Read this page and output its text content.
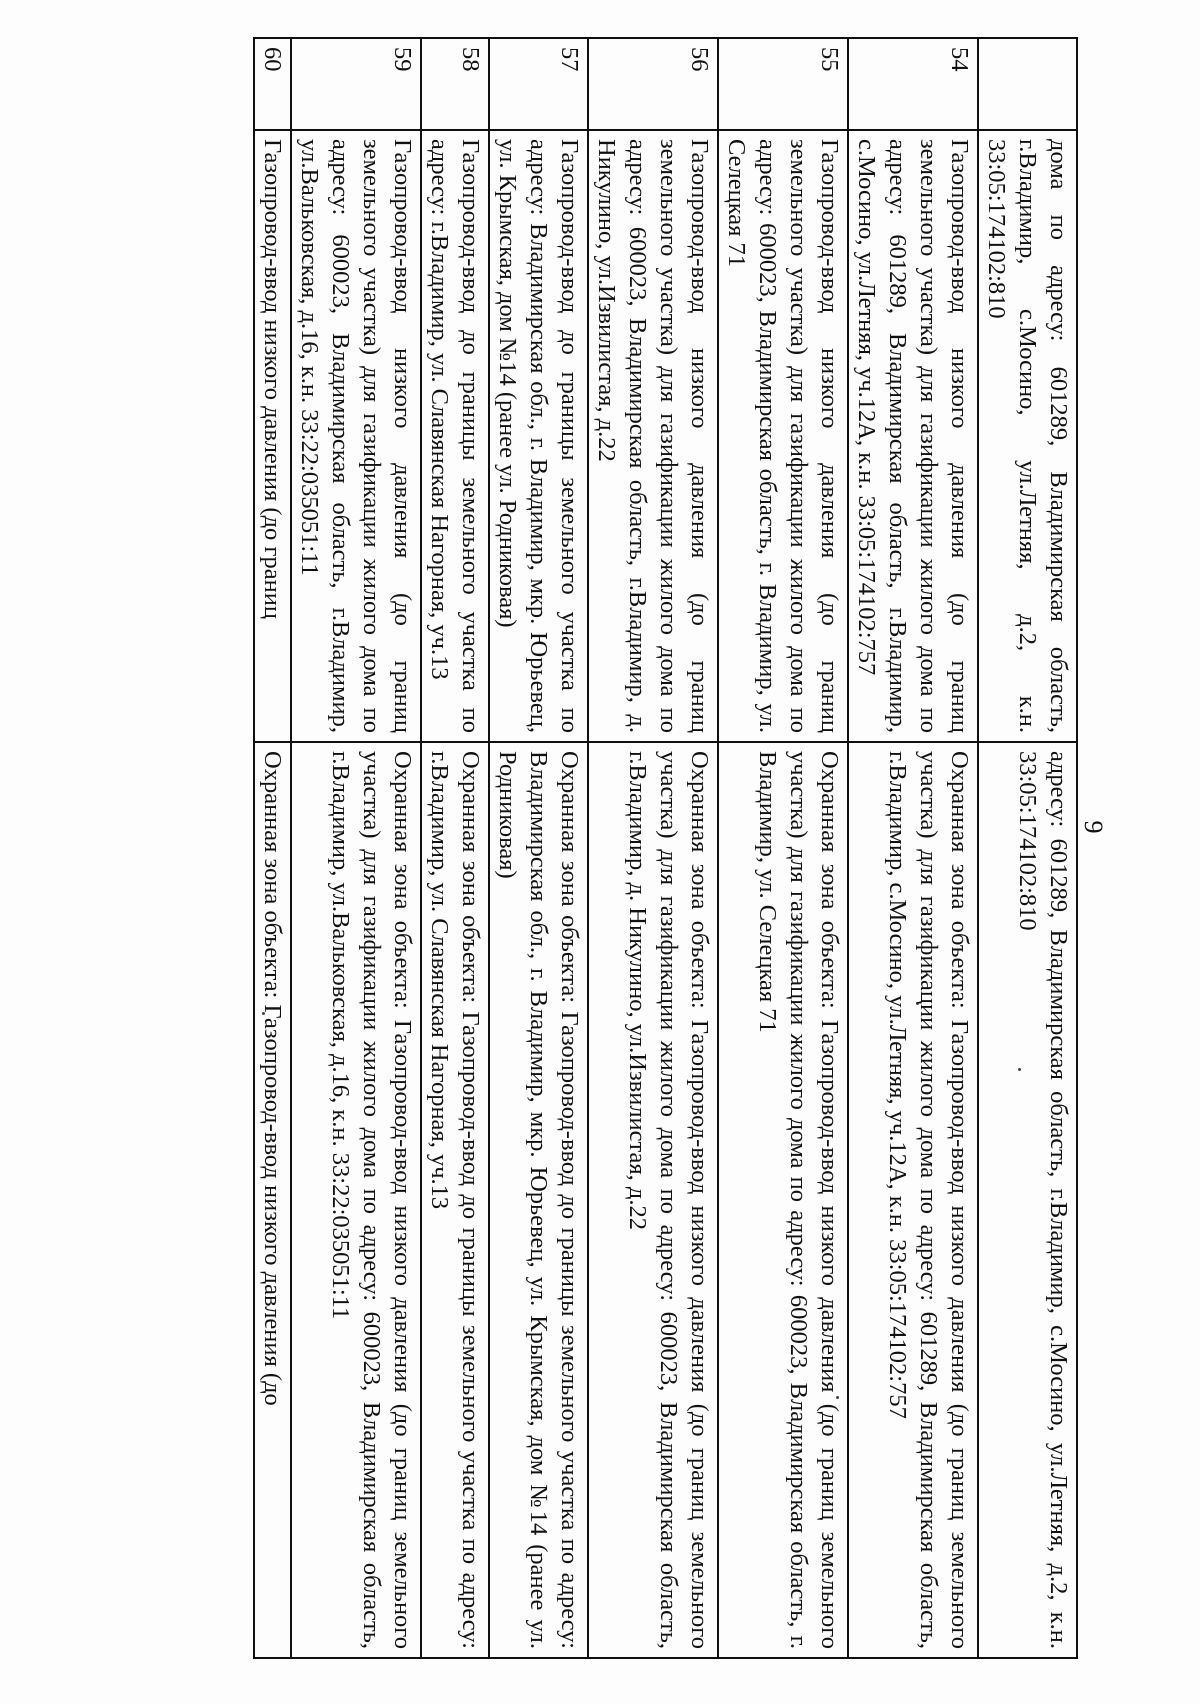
9
	дома по адресу: 601289, Владимирская область, г.Владимир, с.Мосино, ул.Летняя, д.2, к.н. 33:05:174102:810	адресу: 601289, Владимирская область, г.Владимир, с.Мосино, ул.Летняя, д.2, к.н. 33:05:174102:810
54	Газопровод-ввод низкого давления (до границ земельного участка) для газификации жилого дома по адресу: 601289, Владимирская область, г.Владимир, с.Мосино, ул.Летняя, уч.12А, к.н. 33:05:174102:757	Охранная зона объекта: Газопровод-ввод низкого давления (до границ земельного участка) для газификации жилого дома по адресу: 601289, Владимирская область, г.Владимир, с.Мосино, ул.Летняя, уч.12А, к.н. 33:05:174102:757
55	Газопровод-ввод низкого давления (до границ земельного участка) для газификации жилого дома по адресу: 600023, Владимирская область, г. Владимир, ул. Селецкая 71	Охранная зона объекта: Газопровод-ввод низкого давления (до границ земельного участка) для газификации жилого дома по адресу: 600023, Владимирская область, г. Владимир, ул. Селецкая 71
56	Газопровод-ввод низкого давления (до границ земельного участка) для газификации жилого дома по адресу: 600023, Владимирская область, г.Владимир, д. Никулино, ул.Извилистая, д.22	Охранная зона объекта: Газопровод-ввод низкого давления (до границ земельного участка) для газификации жилого дома по адресу: 600023, Владимирская область, г.Владимир, д. Никулино, ул.Извилистая, д.22
57	Газопровод-ввод до границы земельного участка по адресу: Владимирская обл., г. Владимир, мкр. Юрьевец, ул. Крымская, дом №14 (ранее ул. Родниковая)	Охранная зона объекта: Газопровод-ввод до границы земельного участка по адресу: Владимирская обл., г. Владимир, мкр. Юрьевец, ул. Крымская, дом №14 (ранее ул. Родниковая)
58	Газопровод-ввод до границы земельного участка по адресу: г.Владимир, ул. Славянская Нагорная, уч.13	Охранная зона объекта: Газопровод-ввод до границы земельного участка по адресу: г.Владимир, ул. Славянская Нагорная, уч.13
59	Газопровод-ввод низкого давления (до границ земельного участка) для газификации жилого дома по адресу: 600023, Владимирская область, г.Владимир, ул.Вальковская, д.16, к.н. 33:22:035051:11	Охранная зона объекта: Газопровод-ввод низкого давления (до границ земельного участка) для газификации жилого дома по адресу: 600023, Владимирская область, г.Владимир, ул.Вальковская, д.16, к.н. 33:22:035051:11
60	Газопровод-ввод низкого давления (до границ	Охранная зона объекта: Газопровод-ввод низкого давления (до
